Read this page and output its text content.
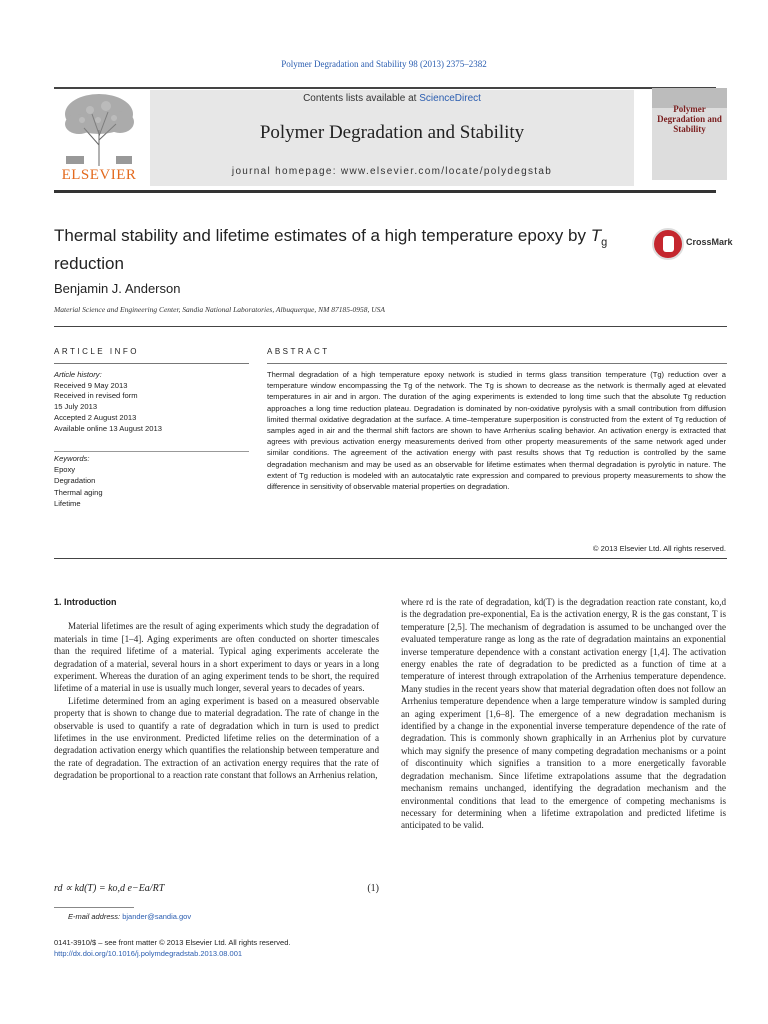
Polymer Degradation and Stability 98 (2013) 2375–2382
ELSEVIER
Contents lists available at ScienceDirect
Polymer Degradation and Stability
journal homepage: www.elsevier.com/locate/polydegstab
Polymer Degradation and Stability
Thermal stability and lifetime estimates of a high temperature epoxy by $T_g$ reduction
CrossMark
Benjamin J. Anderson
Material Science and Engineering Center, Sandia National Laboratories, Albuquerque, NM 87185-0958, USA
ARTICLE INFO	ABSTRACT
Article history:
Received 9 May 2013
Received in revised form
15 July 2013
Accepted 2 August 2013
Available online 13 August 2013
Keywords:
Epoxy
Degradation
Thermal aging
Lifetime
Thermal degradation of a high temperature epoxy network is studied in terms glass transition temperature (Tg) reduction over a temperature window encompassing the Tg of the network. The Tg is shown to decrease as the network is thermally aged at elevated temperatures in air and in argon. The duration of the aging experiments is extended to long time such that the absolute Tg reduction approaches a long time reduction plateau. Degradation is dominated by non-oxidative pyrolysis with a small contribution from diffusion limited thermal oxidative degradation at the surface. A time–temperature superposition is constructed from the extent of Tg reduction of samples aged in air and the thermal shift factors are shown to have Arrhenius scaling behavior. An activation energy is extracted that agrees with previous activation energy measurements derived from other property measurements of the same network aged under similar conditions. The agreement of the activation energy with past results shows that Tg reduction is controlled by the same degradation mechanism and may be used as an observable for lifetime estimates when thermal degradation is pyrolytic in nature. The extent of Tg reduction is modeled with an autocatalytic rate expression and compared to previous property measurements to show the difference in sensitivity of observable material properties on degradation.
© 2013 Elsevier Ltd. All rights reserved.
1. Introduction

Material lifetimes are the result of aging experiments which study the degradation of materials in time [1–4]. Aging experiments are often conducted on shorter timescales than the required lifetime of a material. Typical aging experiments accelerate the degradation of a material, several hours in a short experiment to days or years in a long experiment. Whereas the duration of an aging experiment tends to be short, the required lifetime of a material in use is usually much longer, several years to decades of years.

Lifetime determined from an aging experiment is based on a measured observable property that is shown to change due to material degradation. The rate of change in the observable is used to quantify a rate of degradation which in turn is used to predict lifetimes in the use environment. Predicted lifetime relies on the determination of a degradation activation energy which quantifies the relationship between temperature and the rate of degradation. The extraction of an activation energy requires that the rate of degradation be proportional to a reaction rate constant that follows an Arrhenius relation,

rd ∝ kd(T) = ko,d e−Ea/RT	(1)

where rd is the rate of degradation, kd(T) is the degradation reaction rate constant, ko,d is the degradation pre-exponential, Ea is the activation energy, R is the gas constant, T is temperature [2,5]. The mechanism of degradation is assumed to be unchanged over the evaluated temperature range as long as the rate of degradation maintains an exponential inverse temperature dependence with a constant activation energy [1,4]. The activation energy enables the rate of degradation to be predicted as a function of time at a temperature of interest through extrapolation of the Arrhenius temperature dependence. Many studies in the recent years show that material degradation often does not follow an Arrhenius temperature dependence when a large temperature window is sampled during an aging experiment [1,6–8]. The emergence of a new degradation mechanism is identified by a change in the exponential inverse temperature dependence of the rate of degradation. This is commonly shown graphically in an Arrhenius plot by curvature which may signify the presence of many competing degradation mechanisms or a point of discontinuity which signifies a transition to a more energetically favorable degradation mechanism. Since lifetime extrapolations assume that the degradation mechanism remains unchanged, identifying the degradation mechanism and the environmental conditions that lead to the emergence of competing mechanisms is necessary for determining when a lifetime extrapolation and predicted lifetime is anticipated to be valid.

E-mail address: bjander@sandia.gov
0141-3910/$ – see front matter © 2013 Elsevier Ltd. All rights reserved.
http://dx.doi.org/10.1016/j.polymdegradstab.2013.08.001
